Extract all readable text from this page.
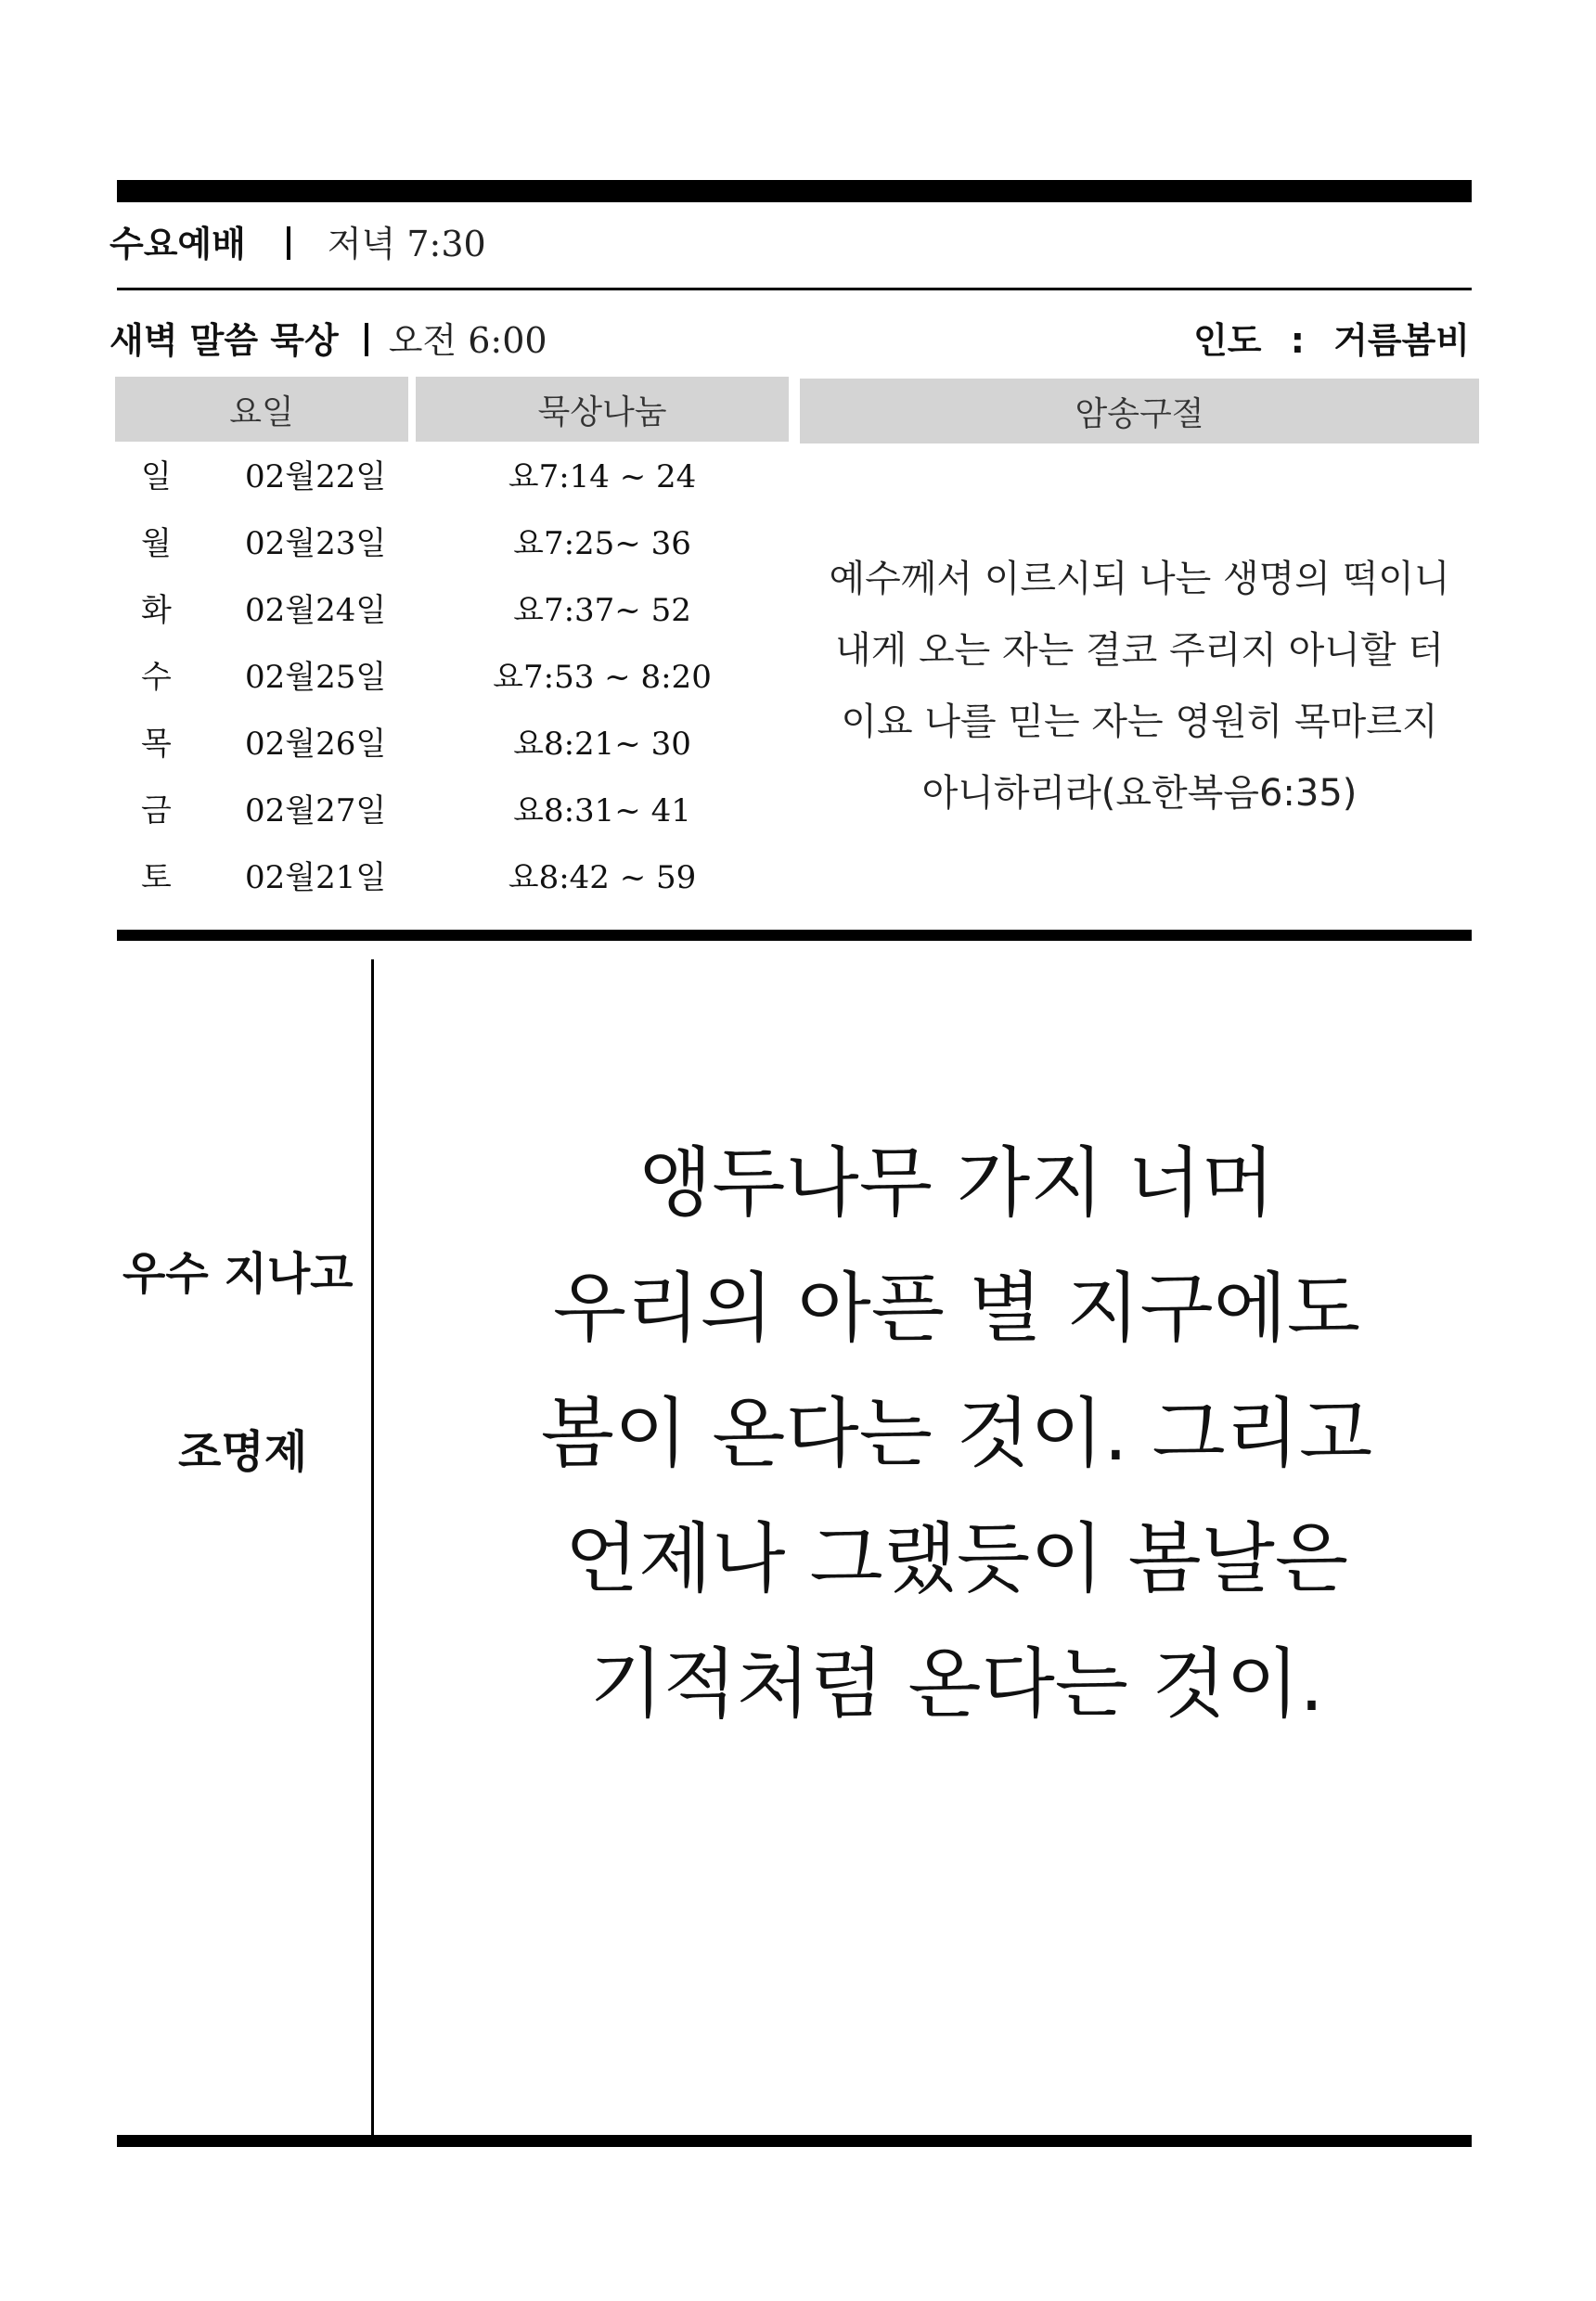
수요예배 저녁 7:30
새벽 말씀 묵상 오전 6:00	인도 : 거름봄비
요일	묵상나눔	암송구절
일 02월22일	요7:14 ~ 24
월 02월23일	요7:25~ 36
화 02월24일	요7:37~ 52
수 02월25일	요7:53 ~ 8:20
목 02월26일	요8:21~ 30
금 02월27일	요8:31~ 41
토 02월21일	요8:42 ~ 59
예수께서 이르시되 나는 생명의 떡이니
내게 오는 자는 결코 주리지 아니할 터
이요 나를 믿는 자는 영원히 목마르지
아니하리라(요한복음6:35)
우수 지나고
조명제
앵두나무 가지 너머
우리의 아픈 별 지구에도
봄이 온다는 것이. 그리고
언제나 그랬듯이 봄날은
기적처럼 온다는 것이.
